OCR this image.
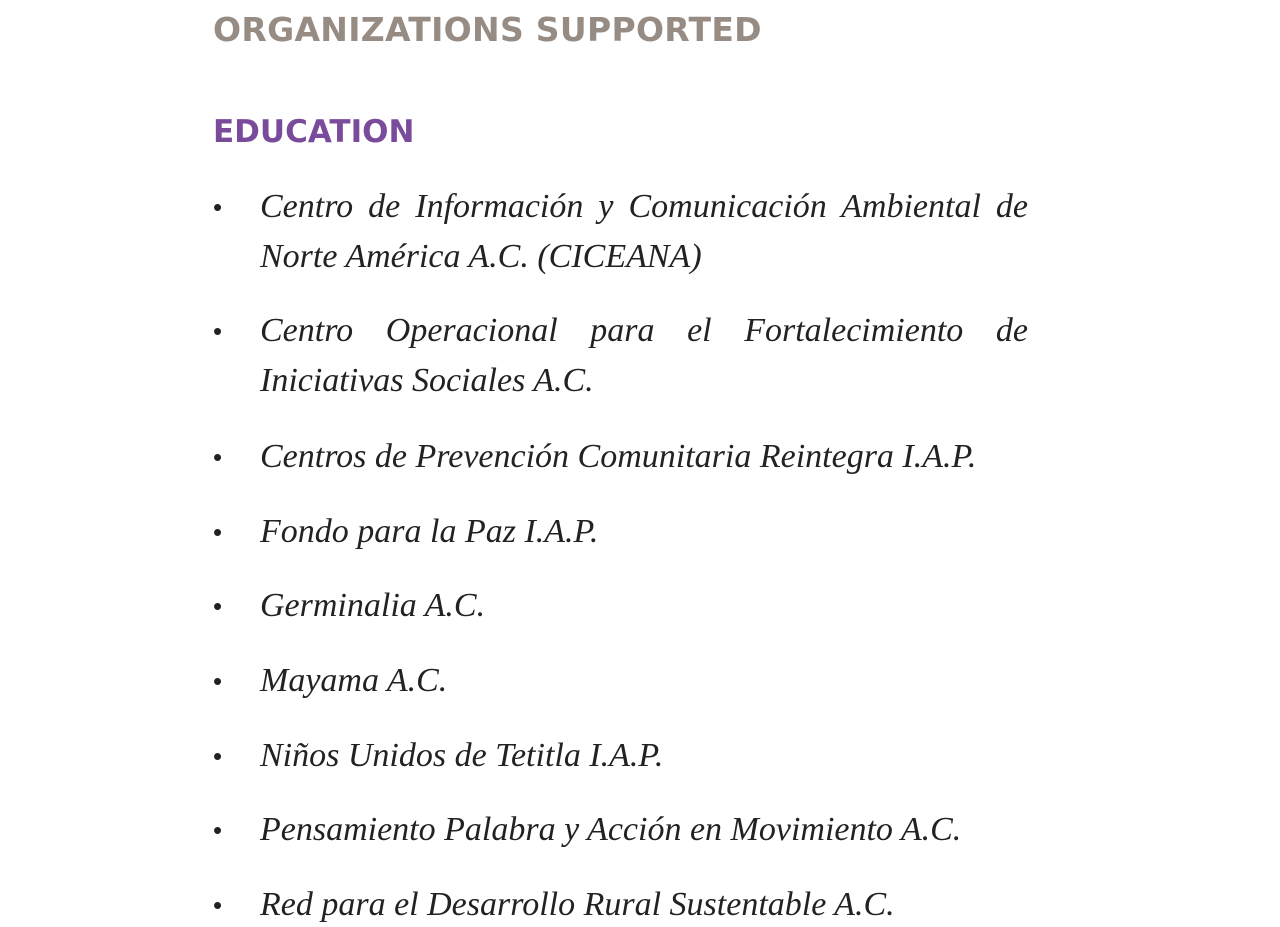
ORGANIZATIONS SUPPORTED
EDUCATION
• Centro de Información y Comunicación Ambiental de Norte América A.C. (CICEANA)
• Centro Operacional para el Fortalecimiento de Iniciativas Sociales A.C.
• Centros de Prevención Comunitaria Reintegra I.A.P.
• Fondo para la Paz I.A.P.
• Germinalia A.C.
• Mayama A.C.
• Niños Unidos de Tetitla I.A.P.
• Pensamiento Palabra y Acción en Movimiento A.C.
• Red para el Desarrollo Rural Sustentable A.C.
